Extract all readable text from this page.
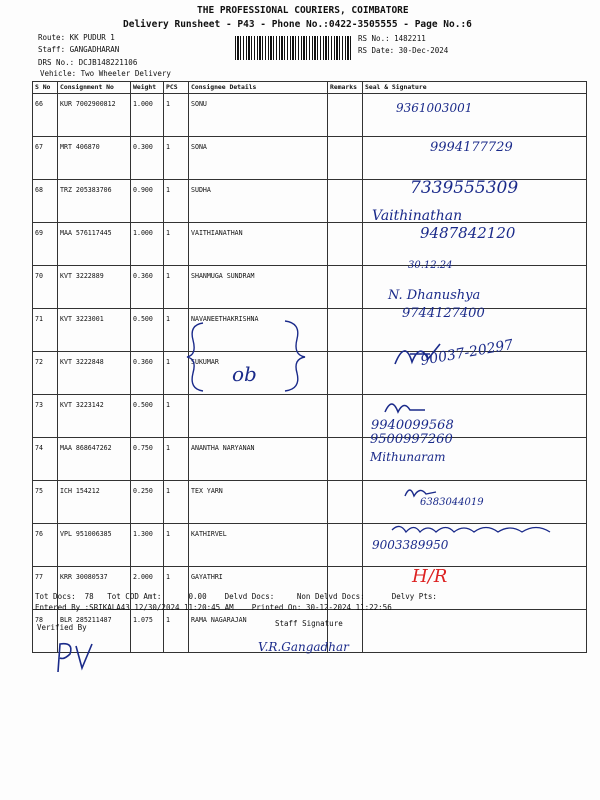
THE PROFESSIONAL COURIERS, COIMBATORE
Delivery Runsheet - P43 - Phone No.:0422-3505555 - Page No.:6
Route: KK PUDUR 1
Staff: GANGADHARAN
DRS No.: DCJB148221106
Vehicle: Two Wheeler Delivery
RS No.: 1482211
RS Date: 30-Dec-2024
S No	Consignment No	Weight	PCS	Consignee Details	Remarks	Seal & Signature
66	KUR 7002900812	1.000	1	SONU		
67	MRT 406870	0.300	1	SONA		
68	TRZ 205383706	0.900	1	SUDHA		
69	MAA 576117445	1.000	1	VAITHIANATHAN		
70	KVT 3222889	0.360	1	SHANMUGA SUNDRAM		
71	KVT 3223001	0.500	1	NAVANEETHAKRISHNA		
72	KVT 3222848	0.360	1	SUKUMAR		
73	KVT 3223142	0.500	1			
74	MAA 868647262	0.750	1	ANANTHA NARYANAN		
75	ICH 154212	0.250	1	TEX YARN		
76	VPL 951006385	1.300	1	KATHIRVEL		
77	KRR 30080537	2.000	1	GAYATHRI		
78	BLR 285211487	1.075	1	RAMA NAGARAJAN		
9361003001
9994177729
7339555309
Vaithinathan
9487842120
30.12.24
N. Dhanushya
9744127400
90037-20297
9940099568
9500997260
Mithunaram
6383044019
9003389950
H/R
ob
Tot Docs:  78   Tot COD Amt:      0.00    Delvd Docs:     Non Delvd Docs:      Delvy Pts:
Entered By :SRIKALA43 12/30/2024 11:20:45 AM    Printed On: 30-12-2024 11:22:56
Verified By	Staff Signature
V.R.Gangadhar
